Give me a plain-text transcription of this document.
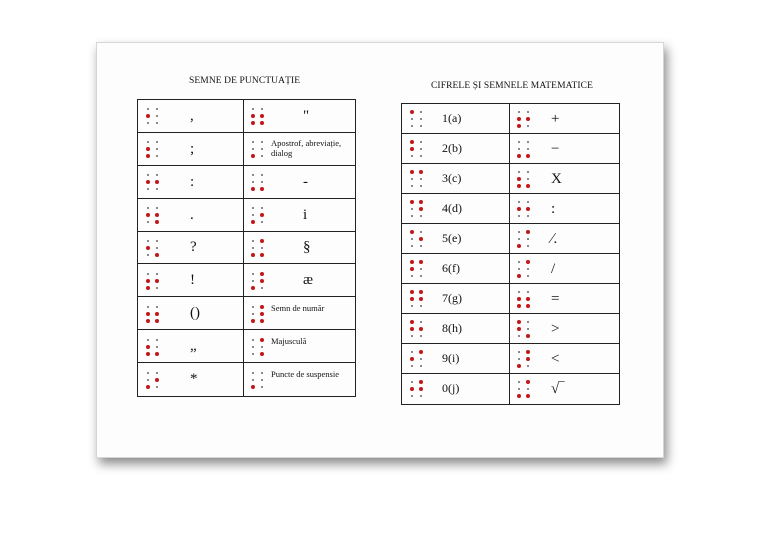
SEMNE DE PUNCTUAȚIE
,	"
;	Apostrof, abreviație, dialog
:	-
.	i
?	§
!	æ
()	Semn de număr
„	Majusculă
*	Puncte de suspensie
CIFRELE ȘI SEMNELE MATEMATICE
1(a)	+
2(b)	−
3(c)	X
4(d)	:
5(e)	∕.
6(f)	/
7(g)	=
8(h)	>
9(i)	<
0(j)	√‾
